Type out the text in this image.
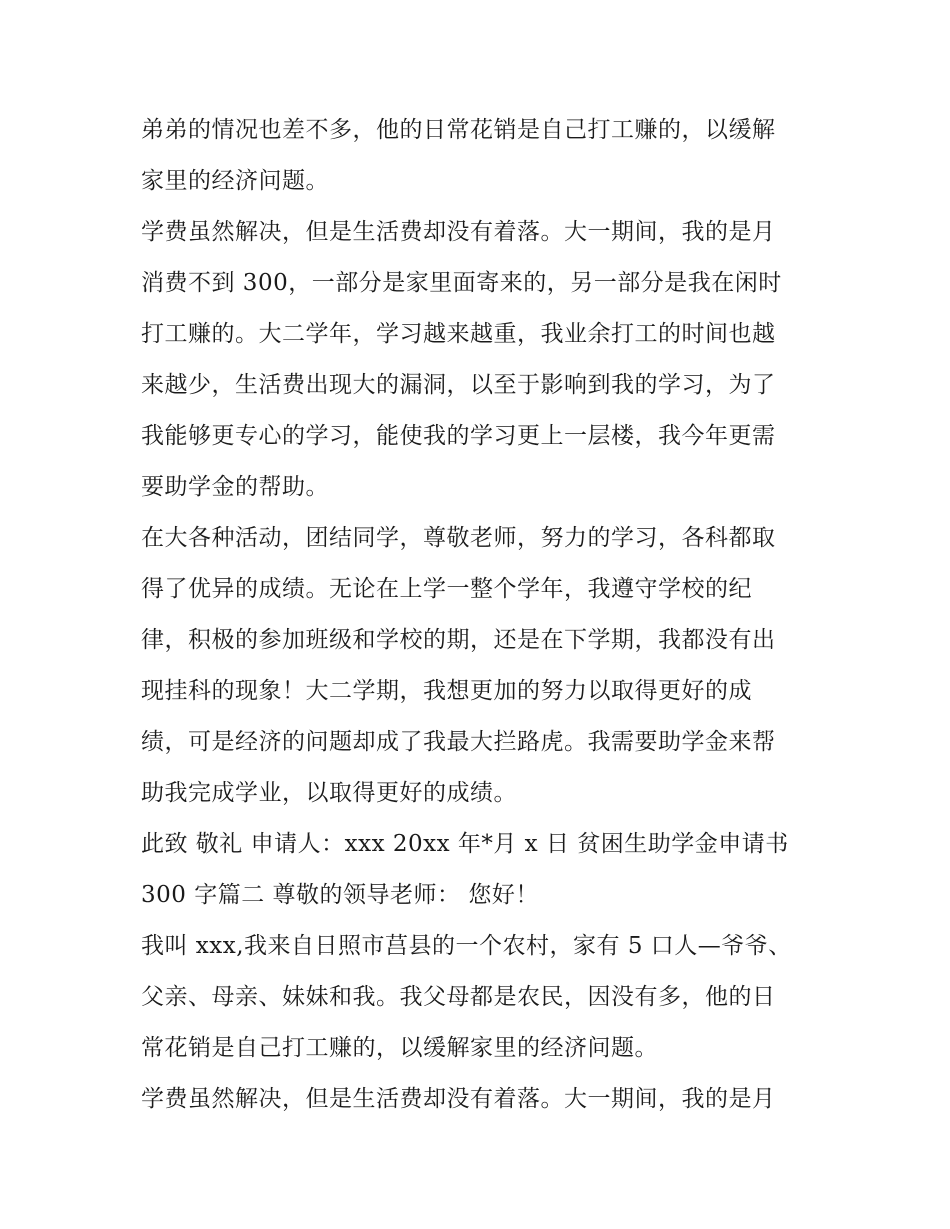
弟弟的情况也差不多，他的日常花销是自己打工赚的，以缓解
家里的经济问题。
学费虽然解决，但是生活费却没有着落。大一期间，我的是月
消费不到 300，一部分是家里面寄来的，另一部分是我在闲时
打工赚的。大二学年，学习越来越重，我业余打工的时间也越
来越少，生活费出现大的漏洞，以至于影响到我的学习，为了
我能够更专心的学习，能使我的学习更上一层楼，我今年更需
要助学金的帮助。
在大各种活动，团结同学，尊敬老师，努力的学习，各科都取
得了优异的成绩。无论在上学一整个学年，我遵守学校的纪
律，积极的参加班级和学校的期，还是在下学期，我都没有出
现挂科的现象！大二学期，我想更加的努力以取得更好的成
绩，可是经济的问题却成了我最大拦路虎。我需要助学金来帮
助我完成学业，以取得更好的成绩。
此致 敬礼 申请人：xxx 20xx 年*月 x 日 贫困生助学金申请书
300 字篇二 尊敬的领导老师： 您好！
我叫 xxx,我来自日照市莒县的一个农村，家有 5 口人—爷爷、
父亲、母亲、妹妹和我。我父母都是农民，因没有多，他的日
常花销是自己打工赚的，以缓解家里的经济问题。
学费虽然解决，但是生活费却没有着落。大一期间，我的是月
